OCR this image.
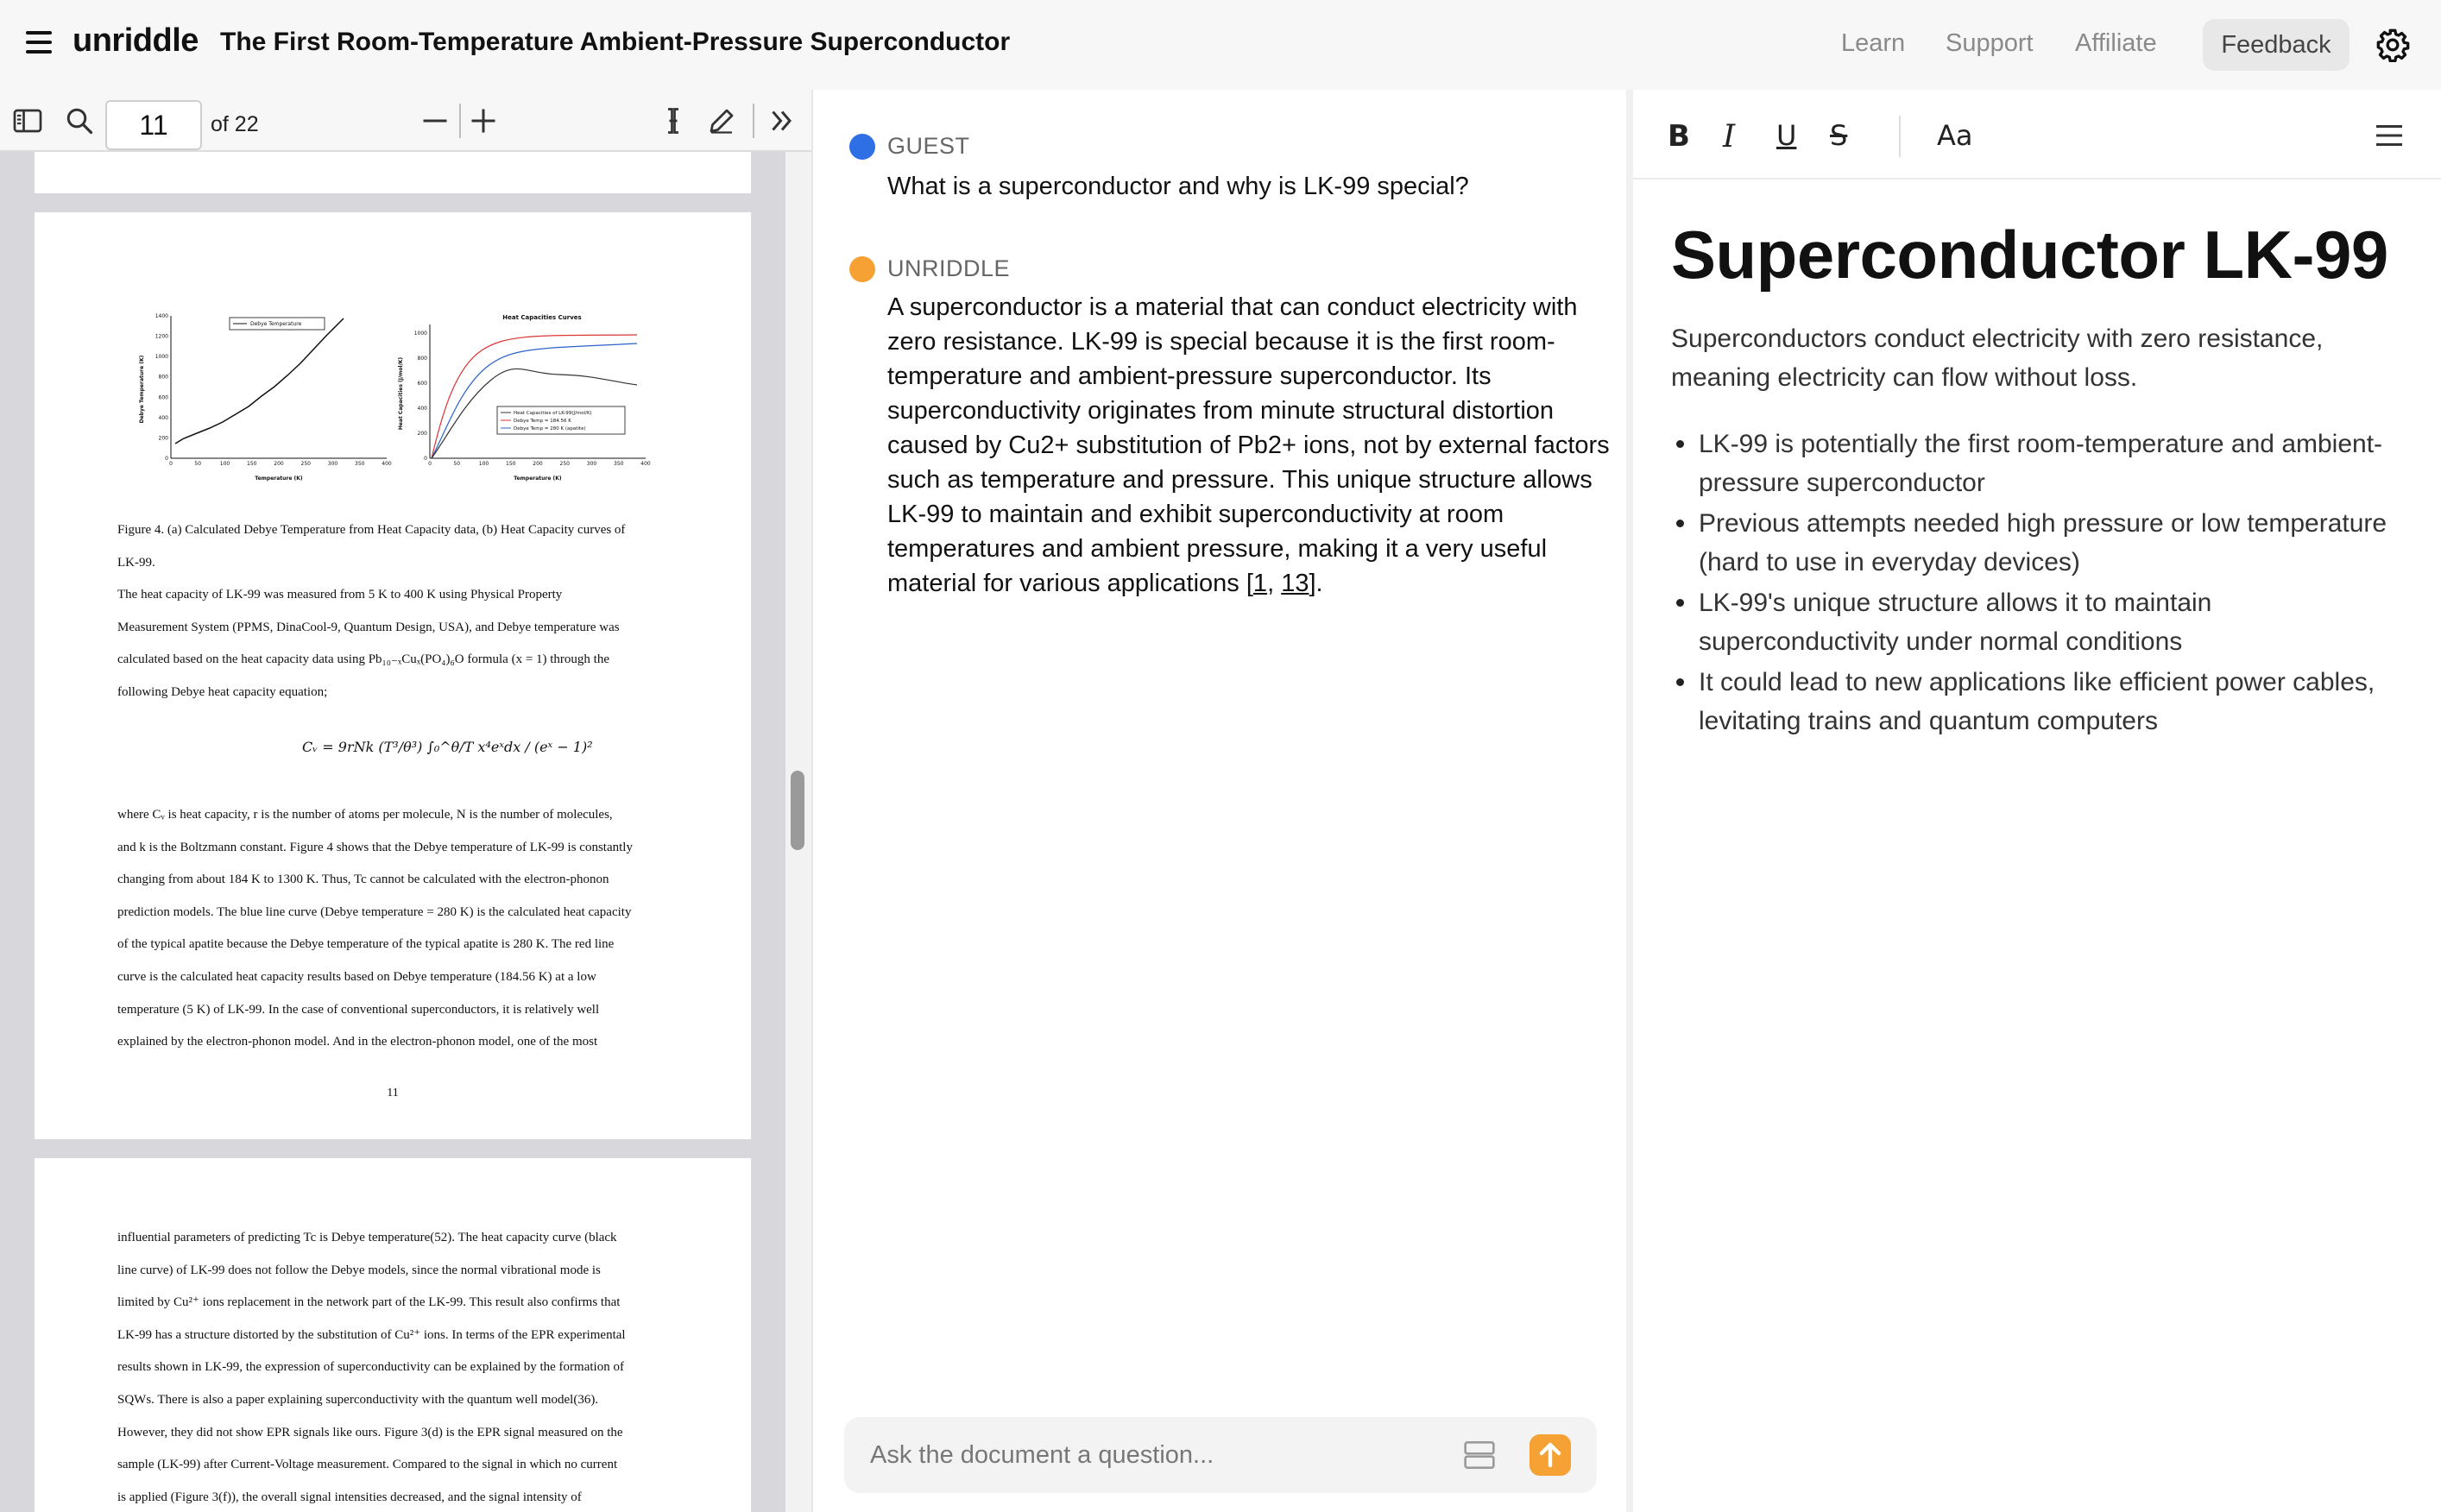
unriddle The First Room-Temperature Ambient-Pressure Superconductor	Learn Support Affiliate	Feedback
11
of 22
1400
1200
1000
800
600
400
200
0
0	50	100	150	200	250	300	350	400
Debye Temperature (K)
Temperature (K)
Debye Temperature
Heat Capacities Curves
1000
800
600
400
200
0
0	50	100	150	200	250	300	350	400
Heat Capacities (J/mol/K)
Temperature (K)
Heat Capacities of LK-99(J/mol/K)
Debye Temp = 184.56 K
Debye Temp = 280 K (apatite)

Figure 4. (a) Calculated Debye Temperature from Heat Capacity data, (b) Heat Capacity curves of

LK-99.

The heat capacity of LK-99 was measured from 5 K to 400 K using Physical Property

Measurement System (PPMS, DinaCool-9, Quantum Design, USA), and Debye temperature was

calculated based on the heat capacity data using Pb₁₀₋ₓCuₓ(PO₄)₆O formula (x = 1) through the

following Debye heat capacity equation;

Cᵥ = 9rNk (T³/θ³) ∫₀^θ/T x⁴eˣdx / (eˣ − 1)²

where Cᵥ is heat capacity, r is the number of atoms per molecule, N is the number of molecules,

and k is the Boltzmann constant. Figure 4 shows that the Debye temperature of LK-99 is constantly

changing from about 184 K to 1300 K. Thus, Tc cannot be calculated with the electron-phonon

prediction models. The blue line curve (Debye temperature = 280 K) is the calculated heat capacity

of the typical apatite because the Debye temperature of the typical apatite is 280 K. The red line

curve is the calculated heat capacity results based on Debye temperature (184.56 K) at a low

temperature (5 K) of LK-99. In the case of conventional superconductors, it is relatively well

explained by the electron-phonon model. And in the electron-phonon model, one of the most

11

influential parameters of predicting Tc is Debye temperature(52). The heat capacity curve (black

line curve) of LK-99 does not follow the Debye models, since the normal vibrational mode is

limited by Cu²⁺ ions replacement in the network part of the LK-99. This result also confirms that

LK-99 has a structure distorted by the substitution of Cu²⁺ ions. In terms of the EPR experimental

results shown in LK-99, the expression of superconductivity can be explained by the formation of

SQWs. There is also a paper explaining superconductivity with the quantum well model(36).

However, they did not show EPR signals like ours. Figure 3(d) is the EPR signal measured on the

sample (LK-99) after Current-Voltage measurement. Compared to the signal in which no current

is applied (Figure 3(f)), the overall signal intensities decreased, and the signal intensity of

GUEST
What is a superconductor and why is LK-99 special?
UNRIDDLE
A superconductor is a material that can conduct electricity with zero resistance. LK-99 is special because it is the first room-temperature and ambient-pressure superconductor. Its superconductivity originates from minute structural distortion caused by Cu2+ substitution of Pb2+ ions, not by external factors such as temperature and pressure. This unique structure allows LK-99 to maintain and exhibit superconductivity at room temperatures and ambient pressure, making it a very useful material for various applications [1, 13].
Ask the document a question...
B I U S	Aa
Superconductor LK-99
Superconductors conduct electricity with zero resistance, meaning electricity can flow without loss.
LK-99 is potentially the first room-temperature and ambient-pressure superconductor
Previous attempts needed high pressure or low temperature (hard to use in everyday devices)
LK-99's unique structure allows it to maintain superconductivity under normal conditions
It could lead to new applications like efficient power cables, levitating trains and quantum computers
